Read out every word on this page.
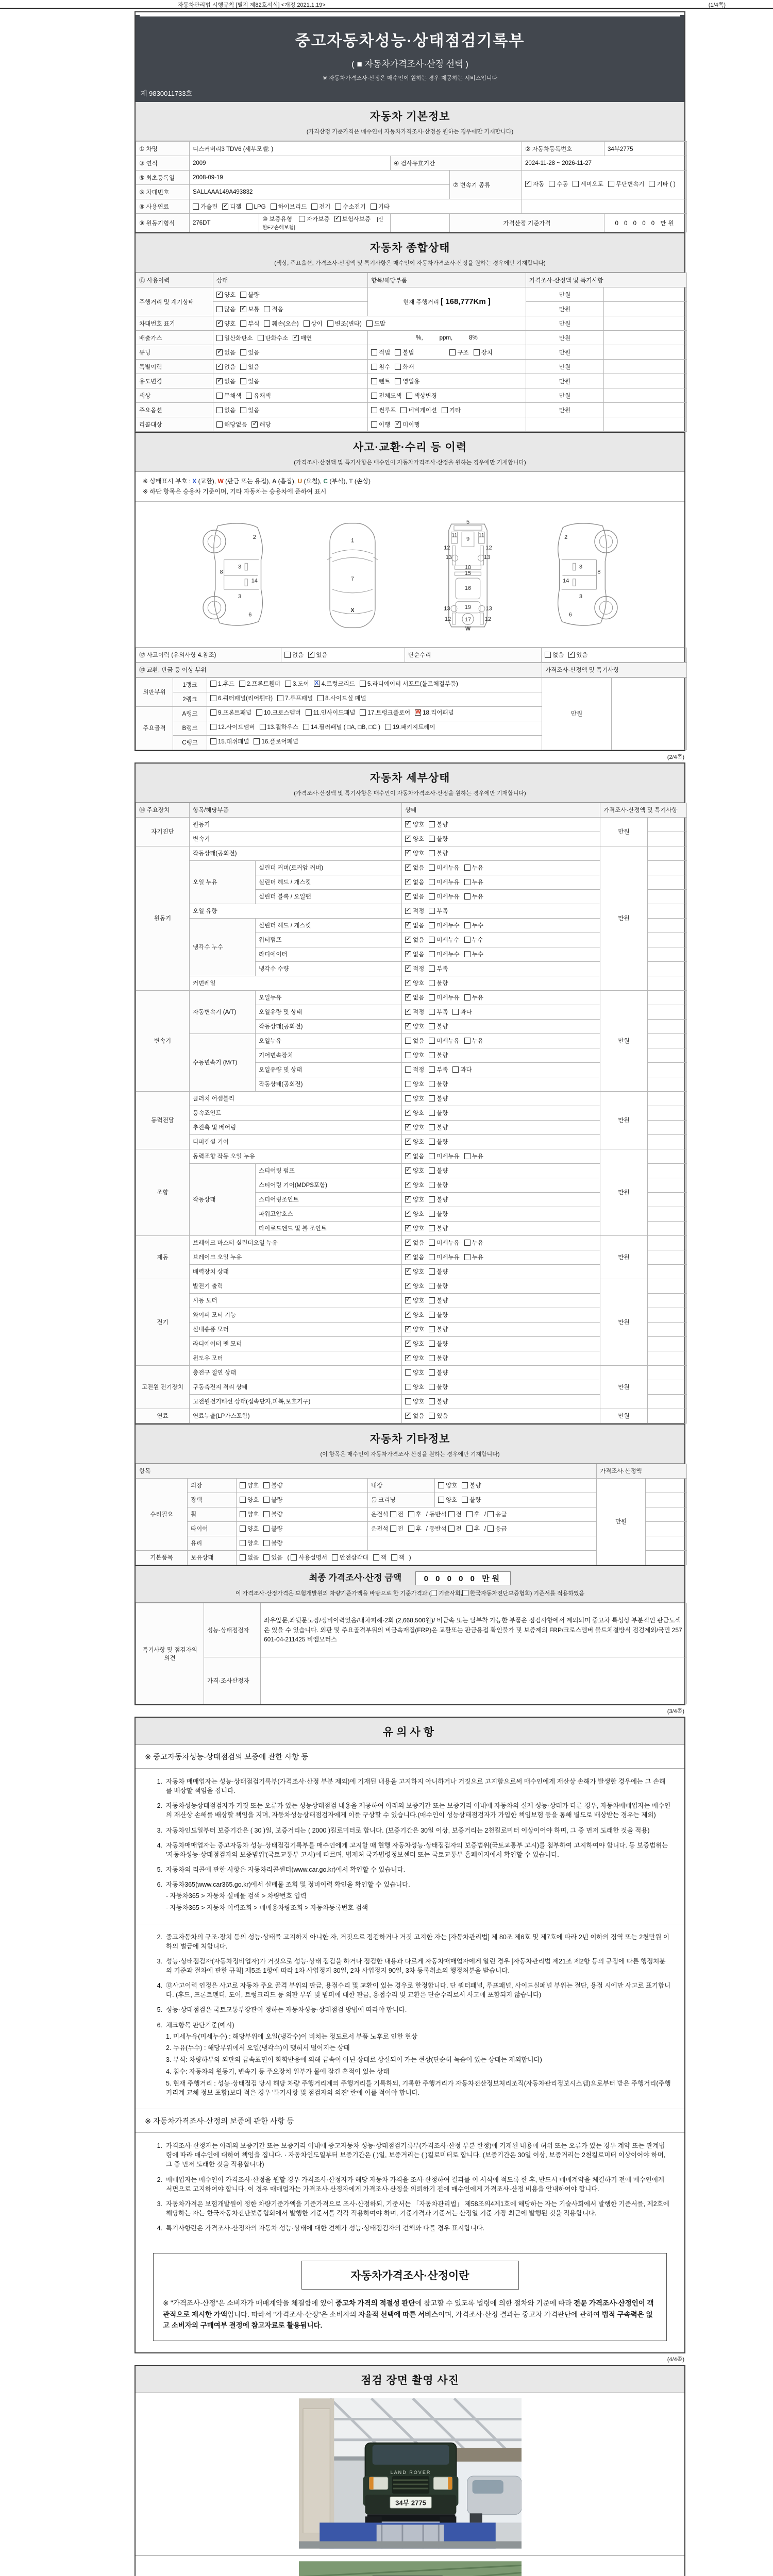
자동차관리법 시행규칙 [별지 제82호서식] <개정 2021.1.19>	(1/4쪽)
중고자동차성능·상태점검기록부
( ■ 자동차가격조사·산정 선택 )
※ 자동차가격조사·산정은 매수인이 원하는 경우 제공하는 서비스입니다
제 9830011733호
자동차 기본정보
(가격산정 기준가격은 매수인이 자동차가격조사·산정을 원하는 경우에만 기재합니다)
① 차명	디스커버리3 TDV6 (세부모델: )				② 자동차등록번호	34부2775
③ 연식	2009		④ 검사유효기간		2024-11-28 ~ 2026-11-27	
⑤ 최초등록일	2008-09-19			⑦ 변속기 종류	✓ 자동 수동 세미오토 무단변속기 기타 ( )	
⑥ 차대번호	SALLAAA149A493832					
⑧ 사용연료	가솔린 ✓ 디젤 LPG 하이브리드 전기 수소전기 기타					
⑨ 원동기형식	276DT	⑩ 보증유형 자가보증 ✓ 보험사보증 [신한EZ손해보험]		가격산정 기준가격		0 0 0 0 0 만원
자동차 종합상태
(색상, 주요옵션, 가격조사·산정액 및 특기사항은 매수인이 자동차가격조사·산정을 원하는 경우에만 기재합니다)
⑪ 사용이력	상태	항목/해당부품	가격조사·산정액 및 특기사항	
주행거리 및 계기상태	✓ 양호 불량	현재 주행거리 [ 168,777Km ]	만원	
	많음 ✓ 보통 적음		만원	
차대번호 표기	✓ 양호 부식 훼손(오손) 상이 변조(변타) 도말		만원	
배출가스	일산화탄소 탄화수소 ✓ 매연	%,          ppm,          8%	만원	
튜닝	✓ 없음 있음	적법 불법 구조 장치	만원	
특별이력	✓ 없음 있음	침수 화재	만원	
용도변경	✓ 없음 있음	렌트 영업용	만원	
색상	무채색 유채색	전체도색 색상변경	만원	
주요옵션	없음 있음	썬루프 네비게이션 기타	만원	
리콜대상	해당없음 ✓ 해당	이행 ✓ 미이행		
사고·교환·수리 등 이력
(가격조사·산정액 및 특기사항은 매수인이 자동차가격조사·산정을 원하는 경우에만 기재합니다)
※ 상태표시 부호 : X (교환), W (판금 또는 용접), A (흠집), U (요철), C (부식), T (손상)
※ 하단 항목은 승용차 기준이며, 기타 자동차는 승용차에 준하여 표시
2
8
3
14
3
6
1
7
X
5
11	11
9
13	13
12	12
10
15
16
19
13	13
12	12
17
W
2
8
3
14
3
6
⑫ 사고이력 (유의사항 4.참조)	없음 ✓ 있음	단순수리	없음 ✓ 있음
⑬ 교환, 판금 등 이상 부위	가격조사·산정액 및 특기사항
외판부위	1랭크	1.후드 2.프론트휀더 3.도어 X 4.트렁크리드 5.라디에이터 서포트(볼트체결부품)	만원	
	2랭크	6.쿼터패널(리어휀다) 7.루프패널 8.사이드실 패널		
주요골격	A랭크	9.프론트패널 10.크로스멤버 11.인사이드패널 17.트렁크플로어 W 18.리어패널		
	B랭크	12.사이드멤버 13.휠하우스 14.필러패널 ( □A, □B, □C ) 19.패키지트레이		
	C랭크	15.대쉬패널 16.플로어패널		
(2/4쪽)
자동차 세부상태
(가격조사·산정액 및 특기사항은 매수인이 자동차가격조사·산정을 원하는 경우에만 기재합니다)
⑭ 주요장치	항목/해당부품		상태	가격조사·산정액 및 특기사항	
자기진단	원동기		✓ 양호 불량	만원	
	변속기		✓ 양호 불량		
원동기	작동상태(공회전)		✓ 양호 불량	만원	
	오일 누유	실린더 커버(로커암 커버)	✓ 없음 미세누유 누유		
		실린더 헤드 / 개스킷	✓ 없음 미세누유 누유		
		실린더 블록 / 오일팬	✓ 없음 미세누유 누유		
	오일 유량		✓ 적정 부족		
	냉각수 누수	실린더 헤드 / 개스킷	✓ 없음 미세누수 누수		
		워터펌프	✓ 없음 미세누수 누수		
		라디에이터	✓ 없음 미세누수 누수		
		냉각수 수량	✓ 적정 부족		
	커먼레일		✓ 양호 불량		
변속기	자동변속기 (A/T)	오일누유	✓ 없음 미세누유 누유	만원	
		오일유량 및 상태	✓ 적정 부족 과다		
		작동상태(공회전)	✓ 양호 불량		
	수동변속기 (M/T)	오일누유	없음 미세누유 누유		
		기어변속장치	양호 불량		
		오일유량 및 상태	적정 부족 과다		
		작동상태(공회전)	양호 불량		
동력전달	클러치 어셈블리		양호 불량	만원	
	등속죠인트		✓ 양호 불량		
	추진축 및 베어링		✓ 양호 불량		
	디퍼렌셜 기어		✓ 양호 불량		
조향	동력조향 작동 오일 누유		✓ 없음 미세누유 누유	만원	
	작동상태	스티어링 펌프	✓ 양호 불량		
		스티어링 기어(MDPS포함)	✓ 양호 불량		
		스티어링조인트	✓ 양호 불량		
		파워고압호스	✓ 양호 불량		
		타이로드엔드 및 볼 조인트	✓ 양호 불량		
제동	브레이크 마스터 실린더오일 누유		✓ 없음 미세누유 누유	만원	
	브레이크 오일 누유		✓ 없음 미세누유 누유		
	배력장치 상태		✓ 양호 불량		
전기	발전기 출력		✓ 양호 불량	만원	
	시동 모터		✓ 양호 불량		
	와이퍼 모터 기능		✓ 양호 불량		
	실내송풍 모터		✓ 양호 불량		
	라디에이터 팬 모터		✓ 양호 불량		
	윈도우 모터		✓ 양호 불량		
고전원 전기장치	충전구 절연 상태		양호 불량	만원	
	구동축전지 격리 상태		양호 불량		
	고전원전기배선 상태(접속단자,피복,보호기구)		양호 불량		
연료	연료누출(LP가스포함)		✓ 없음 있음	만원	
자동차 기타정보
(이 항목은 매수인이 자동차가격조사·산정을 원하는 경우에만 기재합니다)
항목					가격조사·산정액	
수리필요	외장	양호 불량	내장	양호 불량	만원	
	광택	양호 불량	룸 크리닝	양호 불량		
	휠	양호 불량	운전석 전 후 / 동반석 전 후 / 응급			
	타이어	양호 불량	운전석 전 후 / 동반석 전 후 / 응급			
	유리	양호 불량				
기본품목	보유상태	없음 있음 ( 사용설명서 안전삼각대 잭 잭 )				
최종 가격조사·산정 금액	0 0 0 0 0 만원
이 가격조사·산정가격은 보험개발원의 차량기준가액을 바탕으로 한 기준가격과 ( 기술사회, 한국자동차진단보증협회) 기준서를 적용하였음
특기사항 및 점검자의 의견	성능·상태점검자	좌우앞문,좌뒷문도장/정비이력있음/내차피해-2회 (2,668,500원)/ 비금속 또는 탈부착 가능한 부품은 점검사항에서 제외되며 중고차 특성상 부분적인 판금도색은 있을 수 있습니다. 외판 및 주요골격부위의 비금속재질(FRP)은 교환또는 판금용접 확인불가 및 보증제외 FRP/크로스멤버 볼트체결방식 점검제외/국민 257601-04-211425 비엠모터스
	가격·조사산정자	
(3/4쪽)
유의사항
※ 중고자동차성능·상태점검의 보증에 관한 사항 등
1. 자동차 매매업자는 성능·상태점검기록부(가격조사·산정 부분 제외)에 기재된 내용을 고지하지 아니하거나 거짓으로 고지함으로써 매수인에게 재산상 손해가 발생한 경우에는 그 손해를 배상할 책임을 집니다.
2. 자동차성능상태점검자가 거짓 또는 오류가 있는 성능상태점검 내용을 제공하여 아래의 보증기간 또는 보증거리 이내에 자동차의 실제 성능·상태가 다른 경우, 자동차매매업자는 매수인의 재산상 손해를 배상할 책임을 지며, 자동차성능상태점검자에게 이를 구상할 수 있습니다.(매수인이 성능상태점검자가 가입한 책임보험 등을 통해 별도로 배상받는 경우는 제외)
3. 자동차인도일부터 보증기간은 ( 30 )일, 보증거리는 ( 2000 )킬로미터로 합니다. (보증기간은 30일 이상, 보증거리는 2천킬로미터 이상이어야 하며, 그 중 먼저 도래한 것을 적용)
4. 자동차매매업자는 중고자동차 성능·상태점검기록부를 매수인에게 고지할 때 현행 자동차성능·상태점검자의 보증범위(국토교통부 고시)를 첨부하여 고지하여야 합니다. 동 보증범위는 '자동차성능·상태점검자의 보증범위'(국토교통부 고시)에 따르며, 법제처 국가법령정보센터 또는 국토교통부 홈페이지에서 확인할 수 있습니다.
5. 자동차의 리콜에 관한 사항은 자동차리콜센터(www.car.go.kr)에서 확인할 수 있습니다.
6. 자동차365(www.car365.go.kr)에서 실매물 조회 및 정비이력 확인을 확인할 수 있습니다.
- 자동차365 > 자동차 실매물 검색 > 차량번호 입력
- 자동차365 > 자동차 이력조회 > 매매용차량조회 > 자동차등록번호 검색
2. 중고자동차의 구조·장치 등의 성능·상태를 고지하지 아니한 자, 거짓으로 점검하거나 거짓 고지한 자는 [자동차관리법] 제 80조 제6호 및 제7호에 따라 2년 이하의 징역 또는 2천만원 이하의 벌금에 처합니다.
3. 성능·상태점검자(자동차정비업자)가 거짓으로 성능·상태 점검을 하거나 점검한 내용과 다르게 자동차매매업자에게 알린 경우 [자동차관리법 제21조 제2항 등의 규정에 따른 행정처분의 기준과 절차에 관한 규칙] 제5조 1항에 따라 1차 사업정지 30일, 2차 사업정지 90일, 3차 등록취소의 행정처분을 받습니다.
4. ⑫사고이력 인정은 사고로 자동차 주요 골격 부위의 판금, 용접수리 및 교환이 있는 경우로 한정합니다. 단 쿼터패널, 루프패널, 사이드실패널 부위는 절단, 용접 시에만 사고로 표기합니다. (후드, 프론트펜더, 도어, 트렁크리드 등 외판 부위 및 범퍼에 대한 판금, 용접수리 및 교환은 단순수리로서 사고에 포함되지 않습니다)
5. 성능·상태점검은 국토교통부장관이 정하는 자동차성능·상태점검 방법에 따라야 합니다.
6. 체크항목 판단기준(예시)
1. 미세누유(미세누수) : 해당부위에 오일(냉각수)이 비치는 정도로서 부품 노후로 인한 현상
2. 누유(누수) : 해당부위에서 오일(냉각수)이 맺혀서 떨어지는 상태
3. 부식: 차량하부와 외판의 금속표면이 화학반응에 의해 금속이 아닌 상태로 상실되어 가는 현상(단순히 녹슬어 있는 상태는 제외합니다)
4. 침수: 자동차의 원동기, 변속기 등 주요장치 일부가 물에 잠긴 흔적이 있는 상태
5. 현재 주행거리 : 성능·상태점검 당시 해당 차량 주행거리계의 주행거리를 기록하되, 기록한 주행거리가 자동차전산정보처리조직(자동차관리정보시스템)으로부터 받은 주행거리(주행거리계 교체 정보 포함)보다 적은 경우 '특기사항 및 점검자의 의견' 란에 이를 적어야 합니다.
※ 자동차가격조사·산정의 보증에 관한 사항 등
1. 가격조사·산정자는 아래의 보증기간 또는 보증거리 이내에 중고자동차 성능·상태점검기록부(가격조사·산정 부분 한정)에 기재된 내용에 허위 또는 오류가 있는 경우 계약 또는 관계법령에 따라 매수인에 대하여 책임을 집니다. · 자동차인도일부터 보증기간은 ( )일, 보증거리는 ( )킬로미터로 합니다. (보증기간은 30일 이상, 보증거리는 2천킬로미터 이상이어야 하며, 그 중 먼저 도래한 것을 적용합니다)
2. 매매업자는 매수인이 가격조사·산정을 원할 경우 가격조사·산정자가 해당 자동차 가격을 조사·산정하여 결과를 이 서식에 적도록 한 후, 반드시 매매계약을 체결하기 전에 매수인에게 서면으로 고지하여야 합니다. 이 경우 매매업자는 가격조사·산정자에게 가격조사·산정을 의뢰하기 전에 매수인에게 가격조사·산정 비용을 안내하여야 합니다.
3. 자동차가격은 보험개발원이 정한 차량기준가액을 기준가격으로 조사·산정하되, 기준서는 「자동차관리법」 제58조의4제1호에 해당하는 자는 기술사회에서 발행한 기준서를, 제2호에 해당하는 자는 한국자동차진단보증협회에서 발행한 기준서를 각각 적용하여야 하며, 기준가격과 기준서는 산정일 기준 가장 최근에 발행된 것을 적용합니다.
4. 특기사항란은 가격조사·산정자의 자동차 성능·상태에 대한 견해가 성능·상태점검자의 견해와 다를 경우 표시합니다.
자동차가격조사·산정이란
※ "가격조사·산정"은 소비자가 매매계약을 체결함에 있어 중고차 가격의 적절성 판단에 참고할 수 있도록 법령에 의한 절차와 기준에 따라 전문 가격조사·산정인이 객관적으로 제시한 가액입니다. 따라서 "가격조사·산정"은 소비자의 자율적 선택에 따른 서비스이며, 가격조사·산정 결과는 중고차 가격판단에 관하여 법적 구속력은 없고 소비자의 구매여부 결정에 참고자료로 활용됩니다.
(4/4쪽)
점검 장면 촬영 사진
LAND ROVER
34부 2775
